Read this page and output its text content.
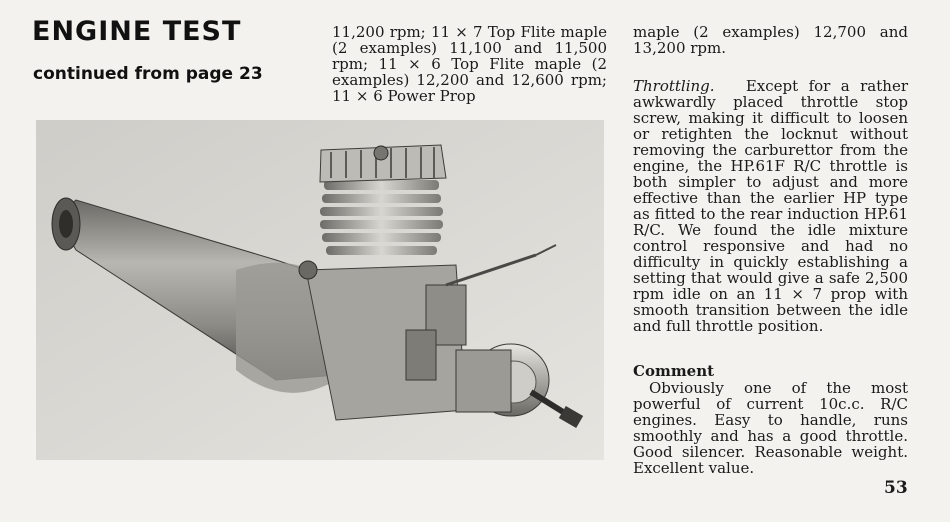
ENGINE TEST
continued from page 23
11,200 rpm; 11 × 7 Top Flite maple (2 examples) 11,100 and 11,500 rpm; 11 × 6 Top Flite maple (2 examples) 12,200 and 12,600 rpm; 11 × 6 Power Prop
maple (2 examples) 12,700 and 13,200 rpm.
Throttling. Except for a rather awkwardly placed throttle stop screw, making it difficult to loosen or retighten the locknut without removing the carburettor from the engine, the HP.61F R/C throttle is both simpler to adjust and more effective than the earlier HP type as fitted to the rear induction HP.61 R/C. We found the idle mixture control responsive and had no difficulty in quickly establishing a setting that would give a safe 2,500 rpm idle on an 11 × 7 prop with smooth transition between the idle and full throttle position.
Comment
Obviously one of the most powerful of current 10c.c. R/C engines. Easy to handle, runs smoothly and has a good throttle. Good silencer. Reasonable weight. Excellent value.
53
